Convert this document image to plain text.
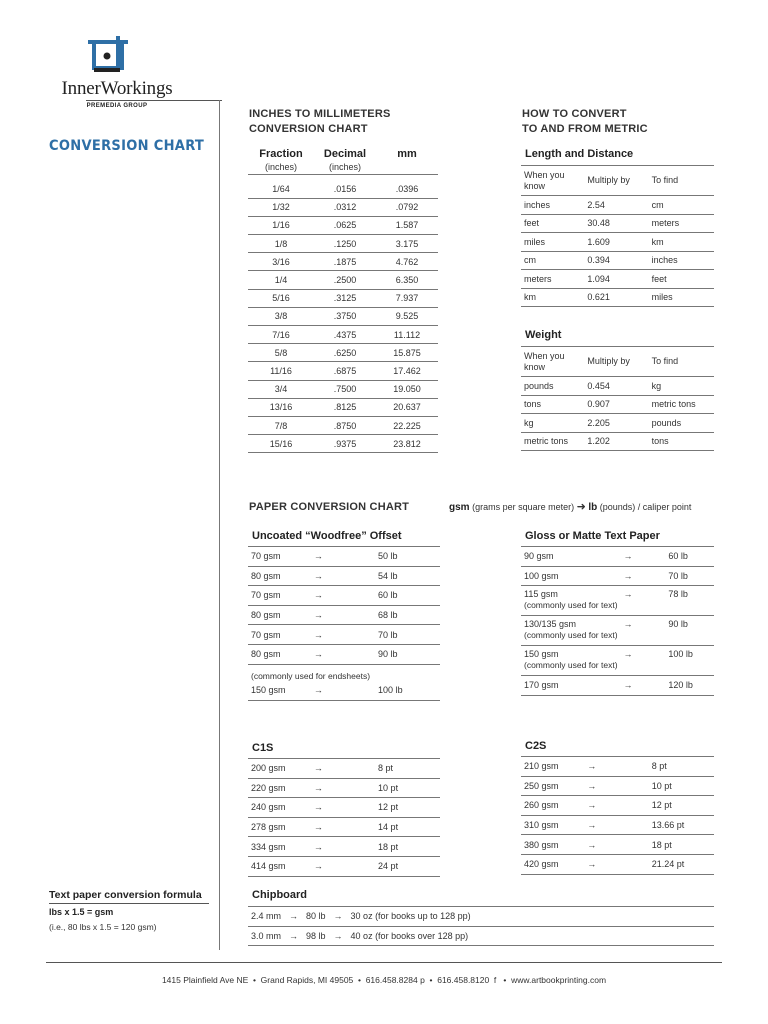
InnerWorkings
PREMEDIA GROUP
CONVERSION CHART
Text paper conversion formula
lbs x 1.5 = gsm
(i.e., 80 lbs x 1.5 = 120 gsm)
INCHES TO MILLIMETERS
CONVERSION CHART
Fraction	Decimal	mm
(inches)	(inches)

1/64	.0156	.0396
1/32	.0312	.0792
1/16	.0625	1.587
1/8	.1250	3.175
3/16	.1875	4.762
1/4	.2500	6.350
5/16	.3125	7.937
3/8	.3750	9.525
7/16	.4375	11.112
5/8	.6250	15.875
11/16	.6875	17.462
3/4	.7500	19.050
13/16	.8125	20.637
7/8	.8750	22.225
15/16	.9375	23.812
HOW TO CONVERT
TO AND FROM METRIC
Length and Distance
When you know	Multiply by	To find
inches	2.54	cm
feet	30.48	meters
miles	1.609	km
cm	0.394	inches
meters	1.094	feet
km	0.621	miles
Weight
When you know	Multiply by	To find
pounds	0.454	kg
tons	0.907	metric tons
kg	2.205	pounds
metric tons	1.202	tons
PAPER CONVERSION CHART	gsm (grams per square meter) ➜ lb (pounds) / caliper point
Uncoated “Woodfree” Offset
70 gsm	→	50 lb
80 gsm	→	54 lb
70 gsm	→	60 lb
80 gsm	→	68 lb
70 gsm	→	70 lb
80 gsm	→	90 lb
(commonly used for endsheets)		
150 gsm	→	100 lb
Gloss or Matte Text Paper
90 gsm	→	60 lb
100 gsm	→	70 lb
115 gsm
(commonly used for text)	→	78 lb
130/135 gsm
(commonly used for text)	→	90 lb
150 gsm
(commonly used for text)	→	100 lb
170 gsm	→	120 lb
C1S
200 gsm	→	8 pt
220 gsm	→	10 pt
240 gsm	→	12 pt
278 gsm	→	14 pt
334 gsm	→	18 pt
414 gsm	→	24 pt
C2S
210 gsm	→	8 pt
250 gsm	→	10 pt
260 gsm	→	12 pt
310 gsm	→	13.66 pt
380 gsm	→	18 pt
420 gsm	→	21.24 pt
Chipboard
2.4 mm → 80 lb → 30 oz (for books up to 128 pp)
3.0 mm → 98 lb → 40 oz (for books over 128 pp)
1415 Plainfield Ave NE  •  Grand Rapids, MI 49505  •  616.458.8284 p  •  616.458.8120  f   •  www.artbookprinting.com
